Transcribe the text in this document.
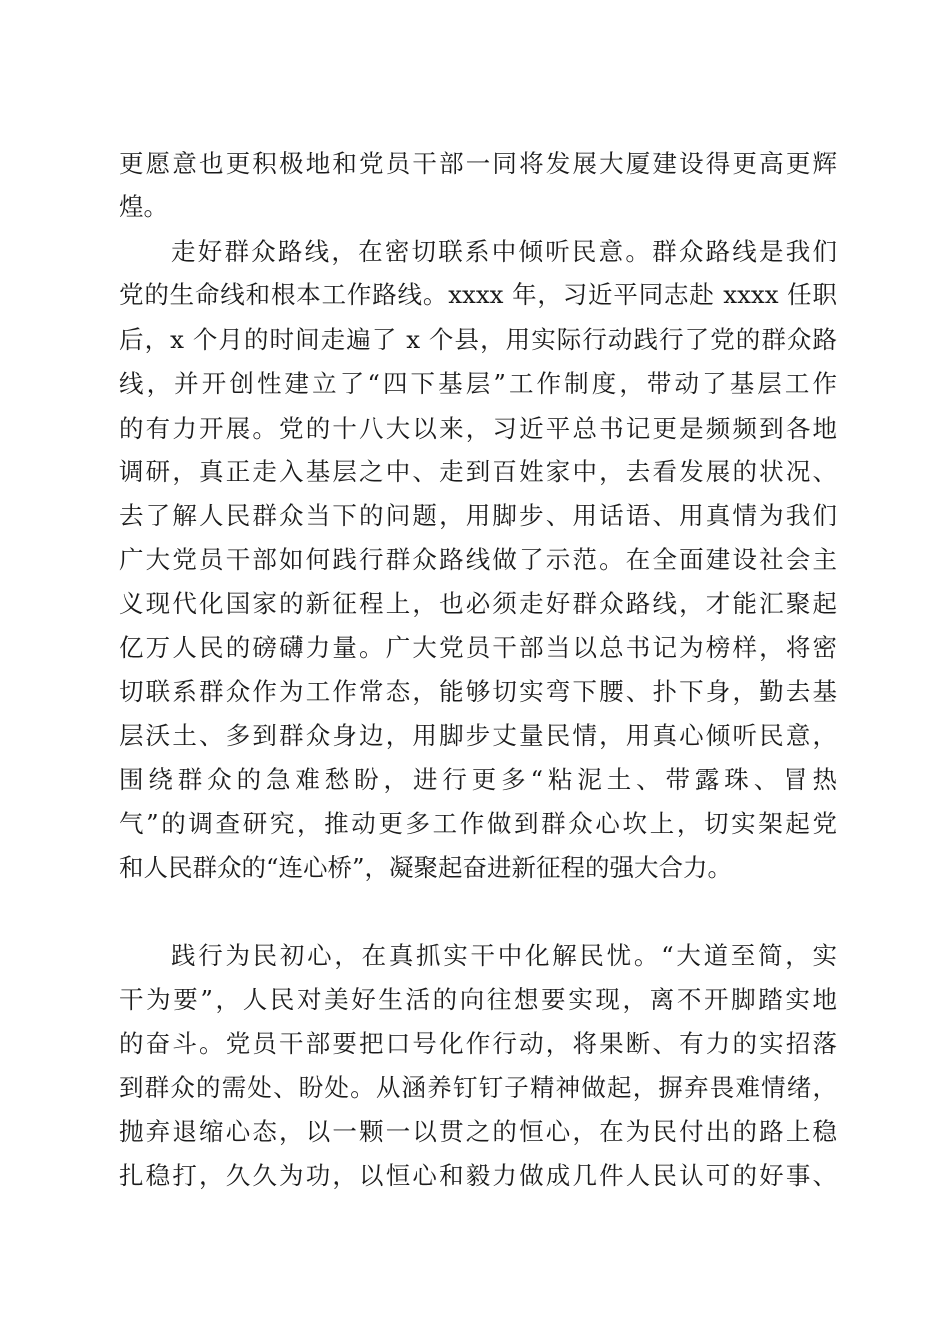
更愿意也更积极地和党员干部一同将发展大厦建设得更高更辉
煌。
走好群众路线，在密切联系中倾听民意。群众路线是我们
党的生命线和根本工作路线。xxxx 年，习近平同志赴 xxxx 任职
后，x 个月的时间走遍了 x 个县，用实际行动践行了党的群众路
线，并开创性建立了“四下基层”工作制度，带动了基层工作
的有力开展。党的十八大以来，习近平总书记更是频频到各地
调研，真正走入基层之中、走到百姓家中，去看发展的状况、
去了解人民群众当下的问题，用脚步、用话语、用真情为我们
广大党员干部如何践行群众路线做了示范。在全面建设社会主
义现代化国家的新征程上，也必须走好群众路线，才能汇聚起
亿万人民的磅礴力量。广大党员干部当以总书记为榜样，将密
切联系群众作为工作常态，能够切实弯下腰、扑下身，勤去基
层沃土、多到群众身边，用脚步丈量民情，用真心倾听民意，
围绕群众的急难愁盼，进行更多“粘泥土、带露珠、冒热
气”的调查研究，推动更多工作做到群众心坎上，切实架起党
和人民群众的“连心桥”，凝聚起奋进新征程的强大合力。
践行为民初心，在真抓实干中化解民忧。“大道至简，实
干为要”，人民对美好生活的向往想要实现，离不开脚踏实地
的奋斗。党员干部要把口号化作行动，将果断、有力的实招落
到群众的需处、盼处。从涵养钉钉子精神做起，摒弃畏难情绪，
抛弃退缩心态，以一颗一以贯之的恒心，在为民付出的路上稳
扎稳打，久久为功，以恒心和毅力做成几件人民认可的好事、
